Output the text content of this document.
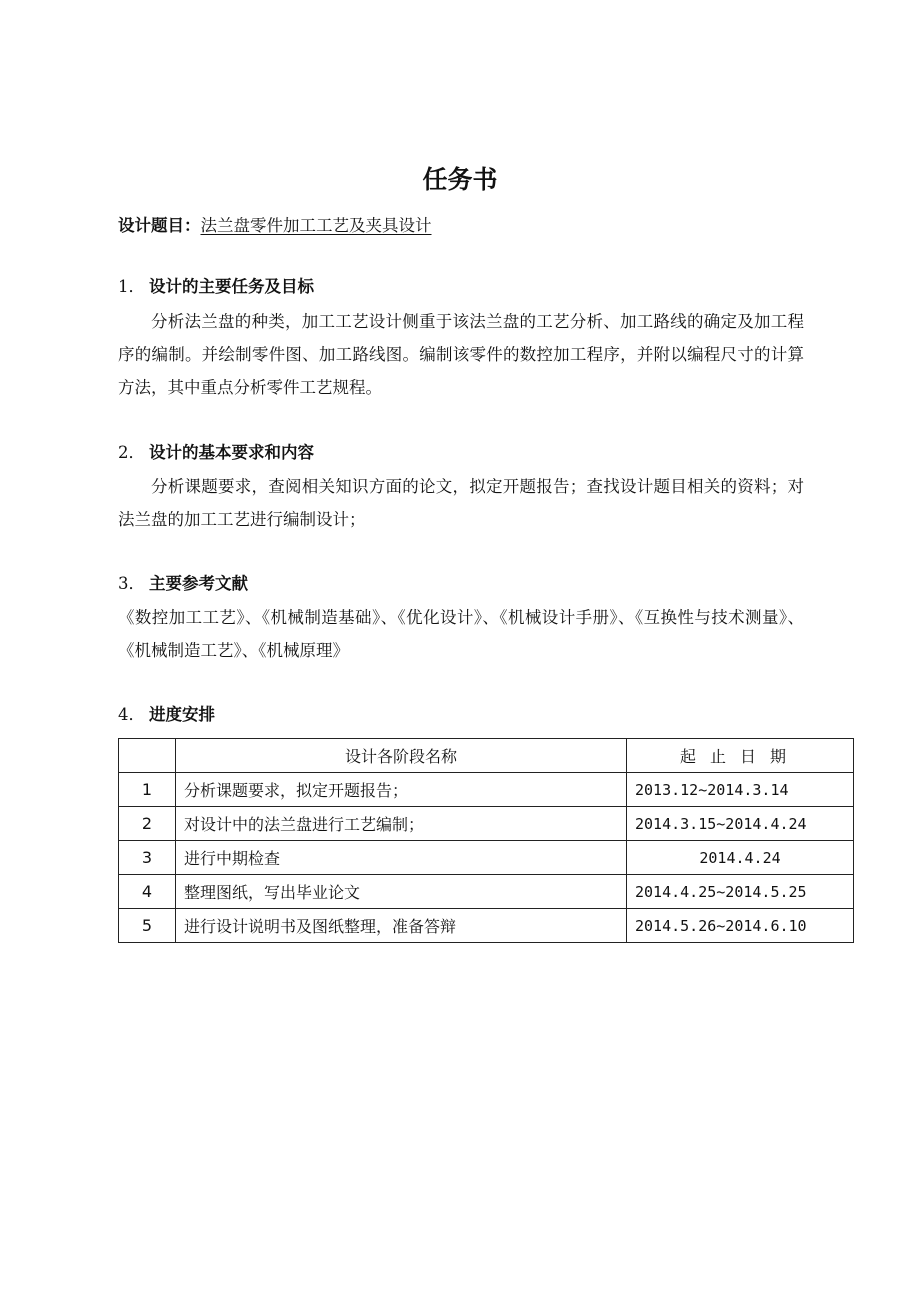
任务书
设计题目：法兰盘零件加工工艺及夹具设计
1． 设计的主要任务及目标

分析法兰盘的种类，加工工艺设计侧重于该法兰盘的工艺分析、加工路线的确定及加工程序的编制。并绘制零件图、加工路线图。编制该零件的数控加工程序，并附以编程尺寸的计算方法，其中重点分析零件工艺规程。

2． 设计的基本要求和内容

分析课题要求，查阅相关知识方面的论文，拟定开题报告；查找设计题目相关的资料；对法兰盘的加工工艺进行编制设计；

3． 主要参考文献

《数控加工工艺》、《机械制造基础》、《优化设计》、《机械设计手册》、《互换性与技术测量》、《机械制造工艺》、《机械原理》

4． 进度安排
	设计各阶段名称	起止日期
1	分析课题要求，拟定开题报告；	2013.12~2014.3.14
2	对设计中的法兰盘进行工艺编制；	2014.3.15~2014.4.24
3	进行中期检查	2014.4.24
4	整理图纸，写出毕业论文	2014.4.25~2014.5.25
5	进行设计说明书及图纸整理，准备答辩	2014.5.26~2014.6.10
